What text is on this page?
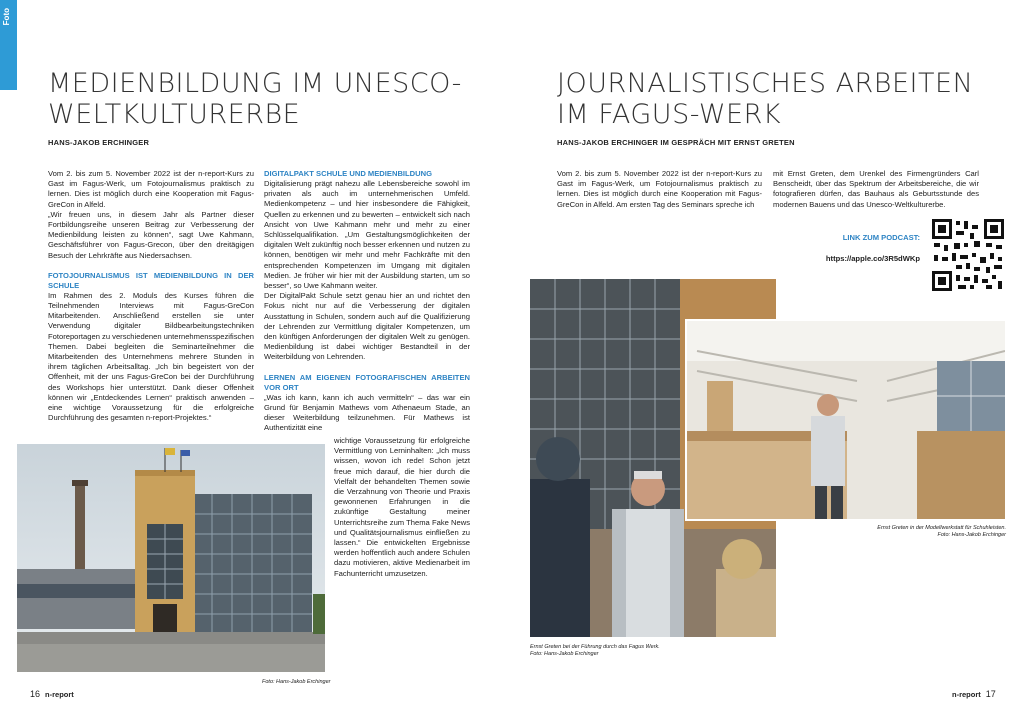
Foto
MEDIENBILDUNG IM UNESCO-WELTKULTURERBE
HANS-JAKOB ERCHINGER

Vom 2. bis zum 5. November 2022 ist der n-report-Kurs zu Gast im Fagus-Werk, um Fotojournalismus praktisch zu lernen. Dies ist möglich durch eine Kooperation mit Fagus-GreCon in Alfeld.

„Wir freuen uns, in diesem Jahr als Partner dieser Fortbildungsreihe unseren Beitrag zur Verbesserung der Medienbildung leisten zu können“, sagt Uwe Kahmann, Geschäftsführer von Fagus-Grecon, über den dreitägigen Besuch der Lehrkräfte aus Niedersachsen.

FOTOJOURNALISMUS IST MEDIENBILDUNG IN DER SCHULE

Im Rahmen des 2. Moduls des Kurses führen die Teilnehmenden Interviews mit Fagus-GreCon Mitarbeitenden. Anschließend erstellen sie unter Verwendung digitaler Bildbearbeitungstechniken Fotoreportagen zu verschiedenen unternehmensspezifischen Themen. Dabei begleiten die Seminarteilnehmer die Mitarbeitenden des Unternehmens mehrere Stunden in ihrem täglichen Arbeitsalltag. „Ich bin begeistert von der Offenheit, mit der uns Fagus-GreCon bei der Durchführung des Workshops hier unterstützt. Dank dieser Offenheit können wir „Entdeckendes Lernen“ praktisch anwenden – eine wichtige Voraussetzung für die erfolgreiche Durchführung des gesamten n-report-Projektes.“

DIGITALPAKT SCHULE UND MEDIENBILDUNG

Digitalisierung prägt nahezu alle Lebensbereiche sowohl im privaten als auch im unternehmerischen Umfeld. Medienkompetenz – und hier insbesondere die Fähigkeit, Quellen zu erkennen und zu bewerten – entwickelt sich nach Ansicht von Uwe Kahmann mehr und mehr zu einer Schlüsselqualifikation. „Um Gestaltungsmöglichkeiten der digitalen Welt zukünftig noch besser erkennen und nutzen zu können, benötigen wir mehr und mehr Fachkräfte mit den entsprechenden Kompetenzen im Umgang mit digitalen Medien. Je früher wir hier mit der Ausbildung starten, um so besser“, so Uwe Kahmann weiter.

Der DigitalPakt Schule setzt genau hier an und richtet den Fokus nicht nur auf die Verbesserung der digitalen Ausstattung in Schulen, sondern auch auf die Qualifizierung der Lehrenden zur Vermittlung digitaler Kompetenzen, um den künftigen Anforderungen der digitalen Welt zu genügen. Medienbildung ist dabei wichtiger Bestandteil in der Weiterbildung von Lehrenden.

LERNEN AM EIGENEN FOTOGRAFISCHEN ARBEITEN VOR ORT

„Was ich kann, kann ich auch vermitteln“ – das war ein Grund für Benjamin Mathews vom Athenaeum Stade, an dieser Weiterbildung teilzunehmen. Für Mathews ist Authentizität eine

wichtige Voraussetzung für erfolgreiche Vermittlung von Lerninhalten: „Ich muss wissen, wovon ich rede! Schon jetzt freue mich darauf, die hier durch die Vielfalt der behandelten Themen sowie die Verzahnung von Theorie und Praxis gewonnenen Erfahrungen in die zukünftige Gestaltung meiner Unterrichtsreihe zum Thema Fake News und Qualitätsjournalismus einfließen zu lassen.“ Die entwickelten Ergebnisse werden hoffentlich auch andere Schulen dazu motivieren, aktive Medienarbeit im Fachunterricht umzusetzen.

Foto: Hans-Jakob Erchinger
16 n-report
JOURNALISTISCHES ARBEITEN IM FAGUS-WERK
HANS-JAKOB ERCHINGER IM GESPRÄCH MIT ERNST GRETEN

Vom 2. bis zum 5. November 2022 ist der n-report-Kurs zu Gast im Fagus-Werk, um Fotojournalismus praktisch zu lernen. Dies ist möglich durch eine Kooperation mit Fagus-GreCon in Alfeld. Am ersten Tag des Seminars spreche ich

mit Ernst Greten, dem Urenkel des Firmengründers Carl Benscheidt, über das Spektrum der Arbeitsbereiche, die wir fotografieren dürfen, das Bauhaus als Geburtsstunde des modernen Bauens und das Unesco-Weltkulturerbe.

LINK ZUM PODCAST:
https://apple.co/3R5dWKp
Ernst Greten bei der Führung durch das Fagus Werk.
Foto: Hans-Jakob Erchinger
Ernst Greten in der Modellwerkstatt für Schuhleisten.
Foto: Hans-Jakob Erchinger
n-report 17
